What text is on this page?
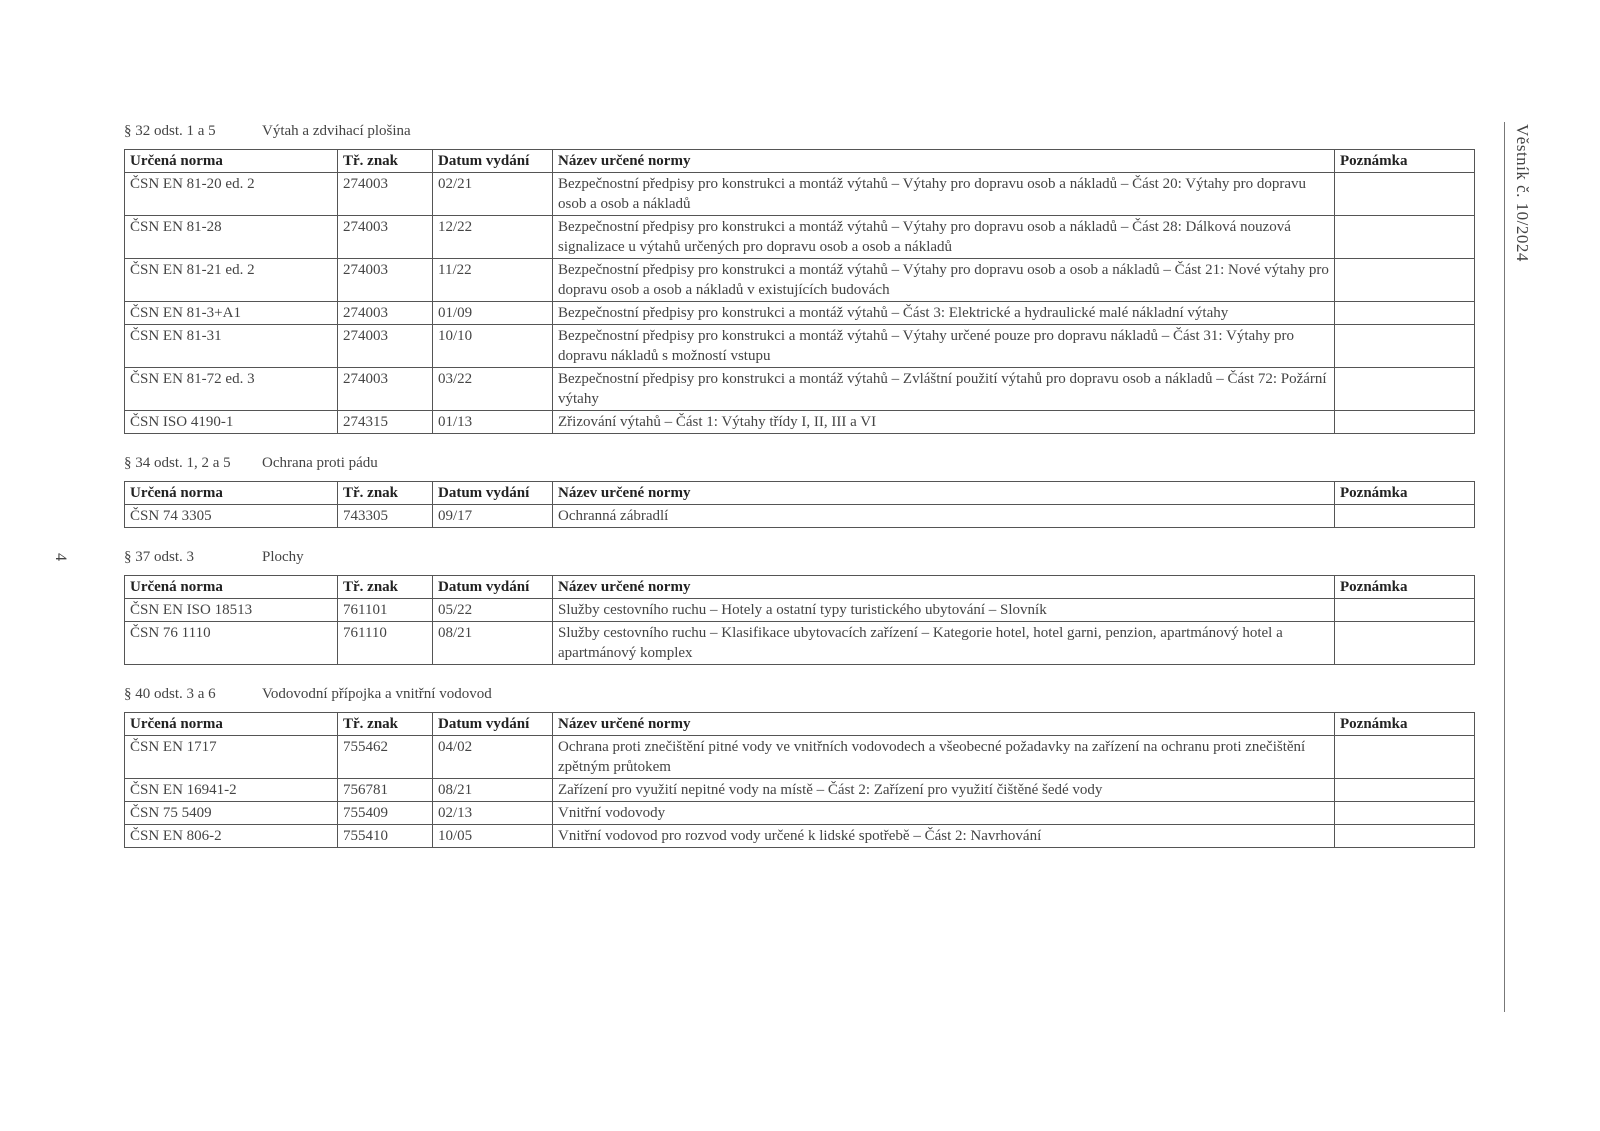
4
Věstník č. 10/2024
§ 32 odst. 1 a 5	Výtah a zdvihací plošina
Určená norma	Tř. znak	Datum vydání	Název určené normy	Poznámka
ČSN EN 81-20 ed. 2	274003	02/21	Bezpečnostní předpisy pro konstrukci a montáž výtahů – Výtahy pro dopravu osob a nákladů – Část 20: Výtahy pro dopravu osob a osob a nákladů	
ČSN EN 81-28	274003	12/22	Bezpečnostní předpisy pro konstrukci a montáž výtahů – Výtahy pro dopravu osob a nákladů – Část 28: Dálková nouzová signalizace u výtahů určených pro dopravu osob a osob a nákladů	
ČSN EN 81-21 ed. 2	274003	11/22	Bezpečnostní předpisy pro konstrukci a montáž výtahů – Výtahy pro dopravu osob a osob a nákladů – Část 21: Nové výtahy pro dopravu osob a osob a nákladů v existujících budovách	
ČSN EN 81-3+A1	274003	01/09	Bezpečnostní předpisy pro konstrukci a montáž výtahů – Část 3: Elektrické a hydraulické malé nákladní výtahy	
ČSN EN 81-31	274003	10/10	Bezpečnostní předpisy pro konstrukci a montáž výtahů – Výtahy určené pouze pro dopravu nákladů – Část 31: Výtahy pro dopravu nákladů s možností vstupu	
ČSN EN 81-72 ed. 3	274003	03/22	Bezpečnostní předpisy pro konstrukci a montáž výtahů – Zvláštní použití výtahů pro dopravu osob a nákladů – Část 72: Požární výtahy	
ČSN ISO 4190-1	274315	01/13	Zřizování výtahů – Část 1: Výtahy třídy I, II, III a VI	
§ 34 odst. 1, 2 a 5	Ochrana proti pádu
Určená norma	Tř. znak	Datum vydání	Název určené normy	Poznámka
ČSN 74 3305	743305	09/17	Ochranná zábradlí	
§ 37 odst. 3	Plochy
Určená norma	Tř. znak	Datum vydání	Název určené normy	Poznámka
ČSN EN ISO 18513	761101	05/22	Služby cestovního ruchu – Hotely a ostatní typy turistického ubytování – Slovník	
ČSN 76 1110	761110	08/21	Služby cestovního ruchu – Klasifikace ubytovacích zařízení – Kategorie hotel, hotel garni, penzion, apartmánový hotel a apartmánový komplex	
§ 40 odst. 3 a 6	Vodovodní přípojka a vnitřní vodovod
Určená norma	Tř. znak	Datum vydání	Název určené normy	Poznámka
ČSN EN 1717	755462	04/02	Ochrana proti znečištění pitné vody ve vnitřních vodovodech a všeobecné požadavky na zařízení na ochranu proti znečištění zpětným průtokem	
ČSN EN 16941-2	756781	08/21	Zařízení pro využití nepitné vody na místě – Část 2: Zařízení pro využití čištěné šedé vody	
ČSN 75 5409	755409	02/13	Vnitřní vodovody	
ČSN EN 806-2	755410	10/05	Vnitřní vodovod pro rozvod vody určené k lidské spotřebě – Část 2: Navrhování	
